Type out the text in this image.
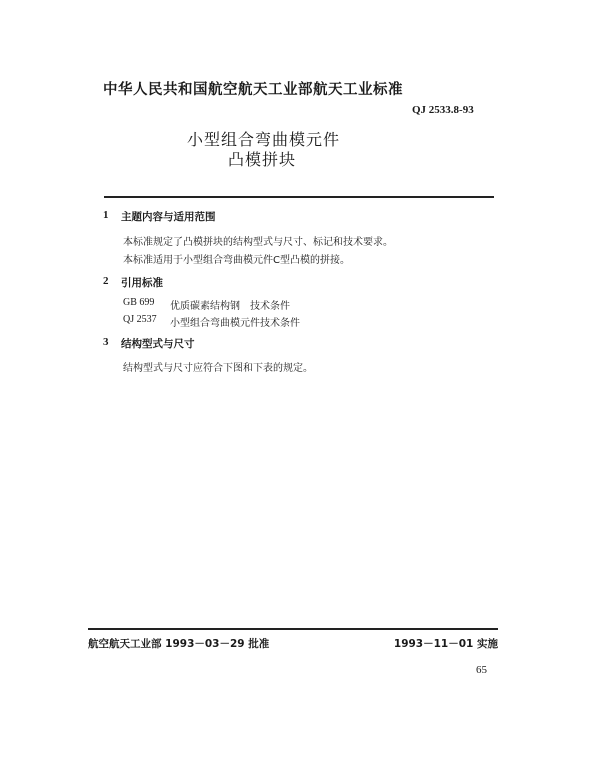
中华人民共和国航空航天工业部航天工业标准
QJ 2533.8-93
小型组合弯曲模元件
凸模拼块
1 主题内容与适用范围
本标准规定了凸模拼块的结构型式与尺寸、标记和技术要求。
本标准适用于小型组合弯曲模元件C型凸模的拼接。
2 引用标准
GB 699 优质碳素结构钢　技术条件
QJ 2537 小型组合弯曲模元件技术条件
3 结构型式与尺寸
结构型式与尺寸应符合下图和下表的规定。
航空航天工业部 1993－03－29 批准	1993－11－01 实施
65
